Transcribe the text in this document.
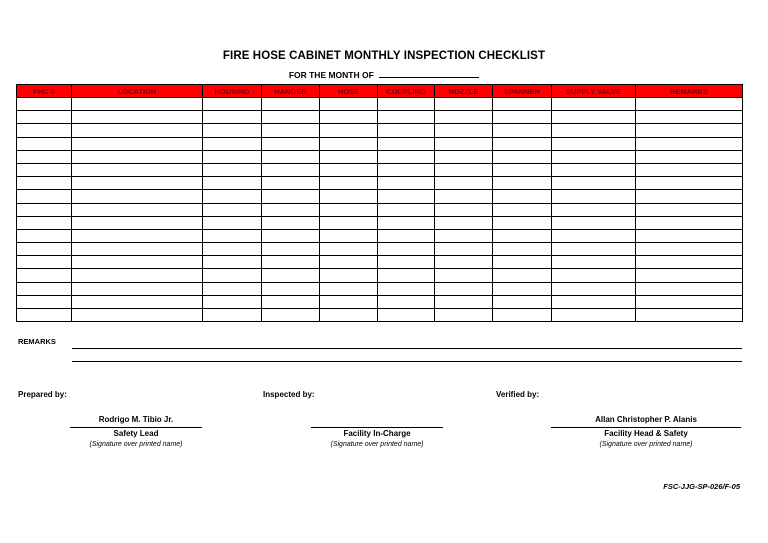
FIRE HOSE CABINET MONTHLY INSPECTION CHECKLIST
FOR THE MONTH OF
FHC #	LOCATION	HOUSING	HANGER	HOSE	COUPLING	NOZZLE	SPANNER	SUPPLY VALVE	REMARKS

REMARKS
Prepared by:	Inspected by:	Verified by:
Rodrigo M. Tibio Jr.
Safety Lead
(Signature over printed name)
Facility In-Charge
(Signature over printed name)
Allan Christopher P. Alanis
Facility Head & Safety
(Signature over printed name)
FSC-JJG-SP-026/F-05
